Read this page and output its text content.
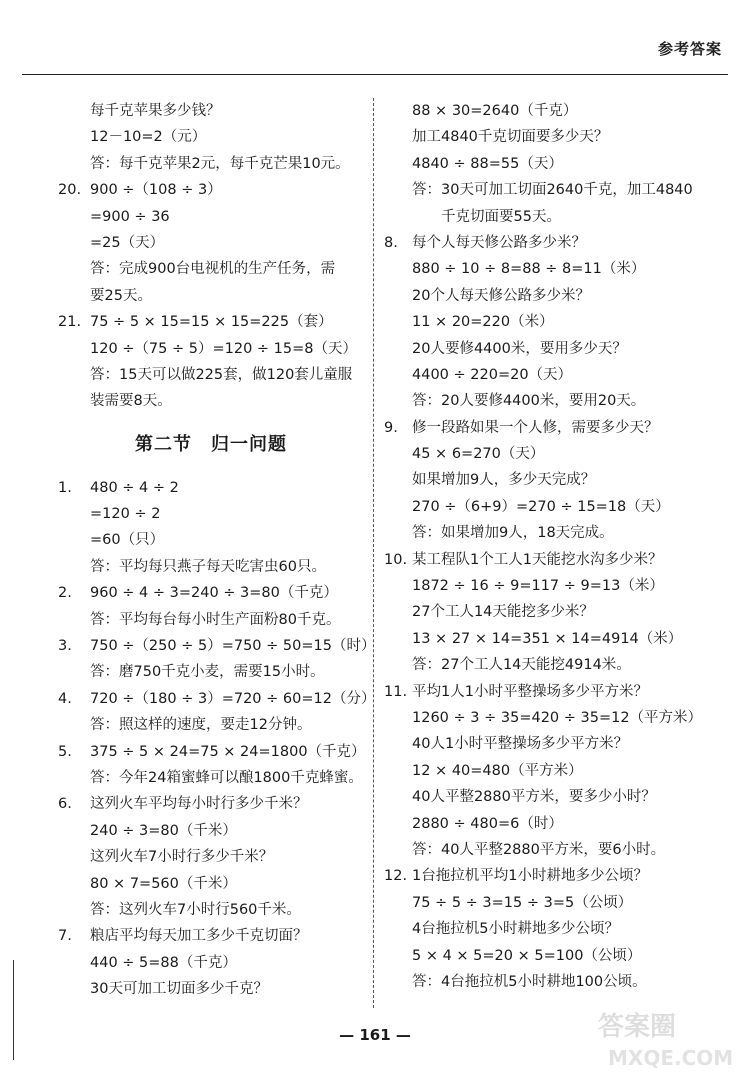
参考答案
每千克苹果多少钱？
12－10=2（元）
答：每千克苹果2元，每千克芒果10元。
20. 900 ÷（108 ÷ 3）
=900 ÷ 36
=25（天）
答：完成900台电视机的生产任务，需
要25天。
21. 75 ÷ 5 × 15=15 × 15=225（套）
120 ÷（75 ÷ 5）=120 ÷ 15=8（天）
答：15天可以做225套，做120套儿童服
装需要8天。
第二节　归一问题
1. 480 ÷ 4 ÷ 2
=120 ÷ 2
=60（只）
答：平均每只燕子每天吃害虫60只。
2. 960 ÷ 4 ÷ 3=240 ÷ 3=80（千克）
答：平均每台每小时生产面粉80千克。
3. 750 ÷（250 ÷ 5）=750 ÷ 50=15（时）
答：磨750千克小麦，需要15小时。
4. 720 ÷（180 ÷ 3）=720 ÷ 60=12（分）
答：照这样的速度，要走12分钟。
5. 375 ÷ 5 × 24=75 × 24=1800（千克）
答：今年24箱蜜蜂可以酿1800千克蜂蜜。
6. 这列火车平均每小时行多少千米？
240 ÷ 3=80（千米）
这列火车7小时行多少千米？
80 × 7=560（千米）
答：这列火车7小时行560千米。
7. 粮店平均每天加工多少千克切面？
440 ÷ 5=88（千克）
30天可加工切面多少千克？
88 × 30=2640（千克）
加工4840千克切面要多少天？
4840 ÷ 88=55（天）
答：30天可加工切面2640千克，加工4840
　　千克切面要55天。
8. 每个人每天修公路多少米？
880 ÷ 10 ÷ 8=88 ÷ 8=11（米）
20个人每天修公路多少米？
11 × 20=220（米）
20人要修4400米，要用多少天？
4400 ÷ 220=20（天）
答：20人要修4400米，要用20天。
9. 修一段路如果一个人修，需要多少天？
45 × 6=270（天）
如果增加9人，多少天完成？
270 ÷（6+9）=270 ÷ 15=18（天）
答：如果增加9人，18天完成。
10. 某工程队1个工人1天能挖水沟多少米？
1872 ÷ 16 ÷ 9=117 ÷ 9=13（米）
27个工人14天能挖多少米？
13 × 27 × 14=351 × 14=4914（米）
答：27个工人14天能挖4914米。
11. 平均1人1小时平整操场多少平方米？
1260 ÷ 3 ÷ 35=420 ÷ 35=12（平方米）
40人1小时平整操场多少平方米？
12 × 40=480（平方米）
40人平整2880平方米，要多少小时？
2880 ÷ 480=6（时）
答：40人平整2880平方米，要6小时。
12. 1台拖拉机平均1小时耕地多少公顷？
75 ÷ 5 ÷ 3=15 ÷ 3=5（公顷）
4台拖拉机5小时耕地多少公顷？
5 × 4 × 5=20 × 5=100（公顷）
答：4台拖拉机5小时耕地100公顷。
— 161 —	答案圈
MXQE.COM
